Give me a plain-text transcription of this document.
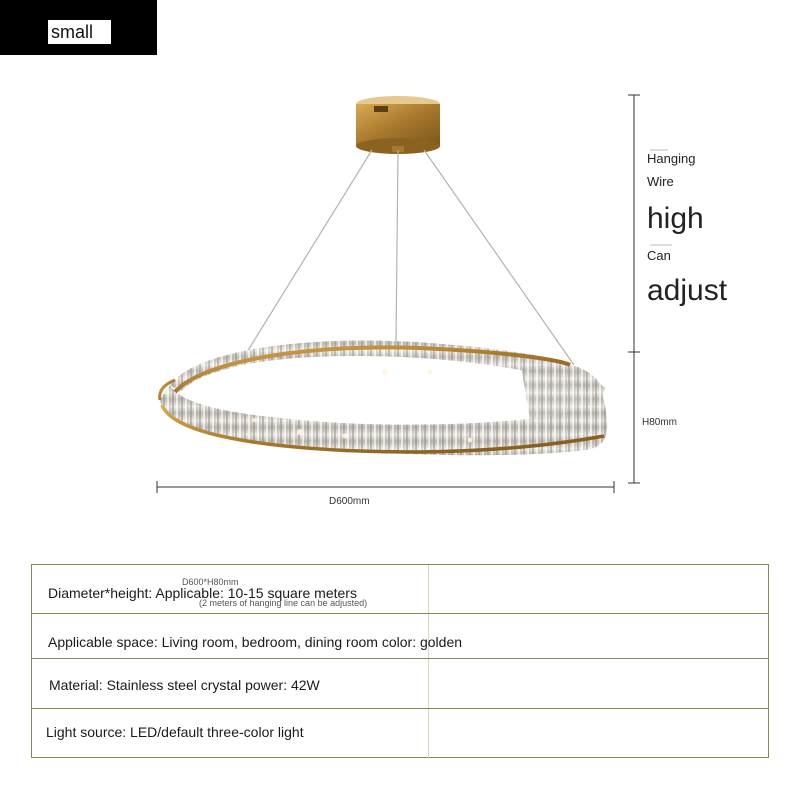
small
Hanging
Wire
high
Can
adjust
H80mm
D600mm
D600*H80mm
Diameter*height: Applicable: 10-15 square meters
(2 meters of hanging line can be adjusted)
Applicable space: Living room, bedroom, dining room color: golden
Material: Stainless steel crystal power: 42W
Light source: LED/default three-color light
